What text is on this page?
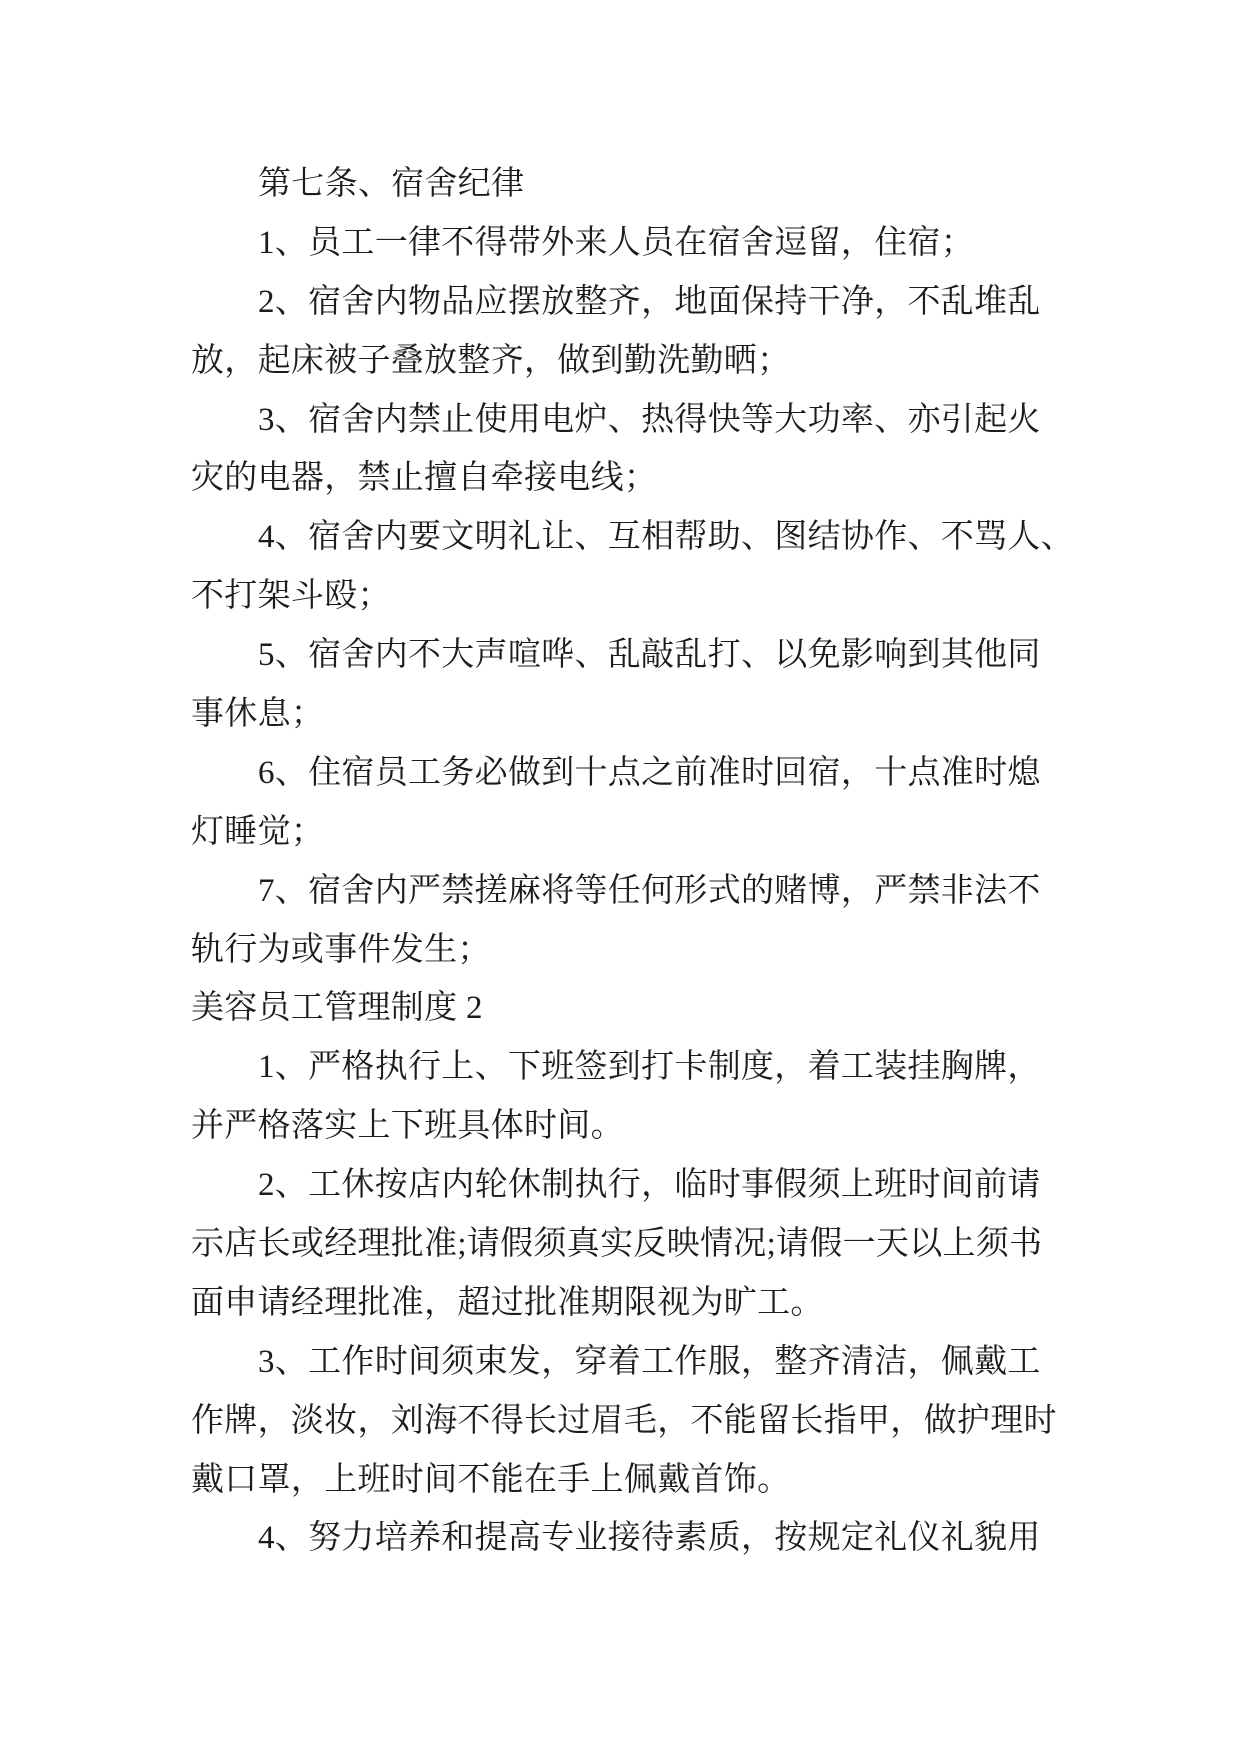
第七条、宿舍纪律
1、员工一律不得带外来人员在宿舍逗留，住宿；
2、宿舍内物品应摆放整齐，地面保持干净，不乱堆乱
放，起床被子叠放整齐，做到勤洗勤晒；
3、宿舍内禁止使用电炉、热得快等大功率、亦引起火
灾的电器，禁止擅自牵接电线；
4、宿舍内要文明礼让、互相帮助、图结协作、不骂人、
不打架斗殴；
5、宿舍内不大声喧哗、乱敲乱打、以免影响到其他同
事休息；
6、住宿员工务必做到十点之前准时回宿，十点准时熄
灯睡觉；
7、宿舍内严禁搓麻将等任何形式的赌博，严禁非法不
轨行为或事件发生；
美容员工管理制度 2
1、严格执行上、下班签到打卡制度，着工装挂胸牌，
并严格落实上下班具体时间。
2、工休按店内轮休制执行，临时事假须上班时间前请
示店长或经理批准;请假须真实反映情况;请假一天以上须书
面申请经理批准，超过批准期限视为旷工。
3、工作时间须束发，穿着工作服，整齐清洁，佩戴工
作牌，淡妆，刘海不得长过眉毛，不能留长指甲，做护理时
戴口罩，上班时间不能在手上佩戴首饰。
4、努力培养和提高专业接待素质，按规定礼仪礼貌用
